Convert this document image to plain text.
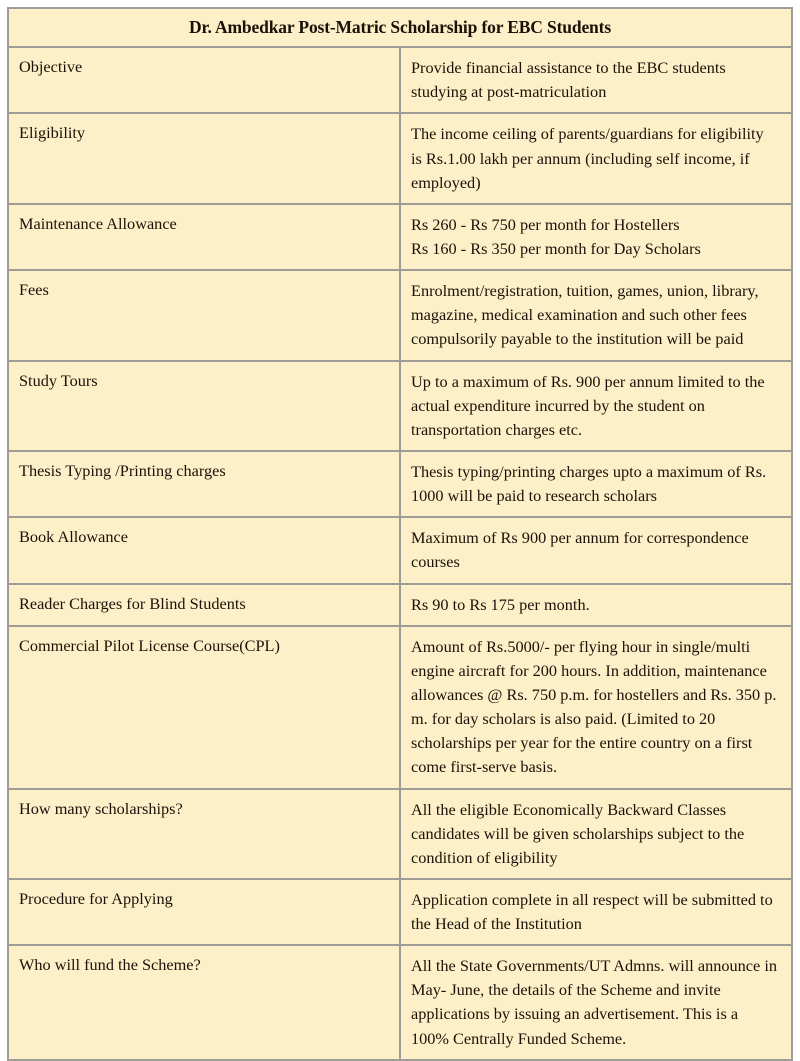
Dr. Ambedkar Post-Matric Scholarship for EBC Students	
Objective	Provide financial assistance to the EBC students

studying at post-matriculation

Eligibility	The income ceiling of parents/guardians for eligibility

is Rs.1.00 lakh per annum (including self income, if

employed)

Maintenance Allowance	Rs 260 - Rs 750 per month for Hostellers

Rs 160 - Rs 350 per month for Day Scholars

Fees	Enrolment/registration, tuition, games, union, library,

magazine, medical examination and such other fees

compulsorily payable to the institution will be paid

Study Tours	Up to a maximum of Rs. 900 per annum limited to the

actual expenditure incurred by the student on

transportation charges etc.

Thesis Typing /Printing charges	Thesis typing/printing charges upto a maximum of Rs.

1000 will be paid to research scholars

Book Allowance	Maximum of Rs 900 per annum for correspondence

courses

Reader Charges for Blind Students	Rs 90 to Rs 175 per month.

Commercial Pilot License Course(CPL)	Amount of Rs.5000/- per flying hour in single/multi

engine aircraft for 200 hours. In addition, maintenance

allowances @ Rs. 750 p.m. for hostellers and Rs. 350 p.

m. for day scholars is also paid. (Limited to 20

scholarships per year for the entire country on a first

come first-serve basis.

How many scholarships?	All the eligible Economically Backward Classes

candidates will be given scholarships subject to the

condition of eligibility

Procedure for Applying	Application complete in all respect will be submitted to

the Head of the Institution

Who will fund the Scheme?	All the State Governments/UT Admns. will announce in

May- June, the details of the Scheme and invite

applications by issuing an advertisement. This is a

100% Centrally Funded Scheme.
